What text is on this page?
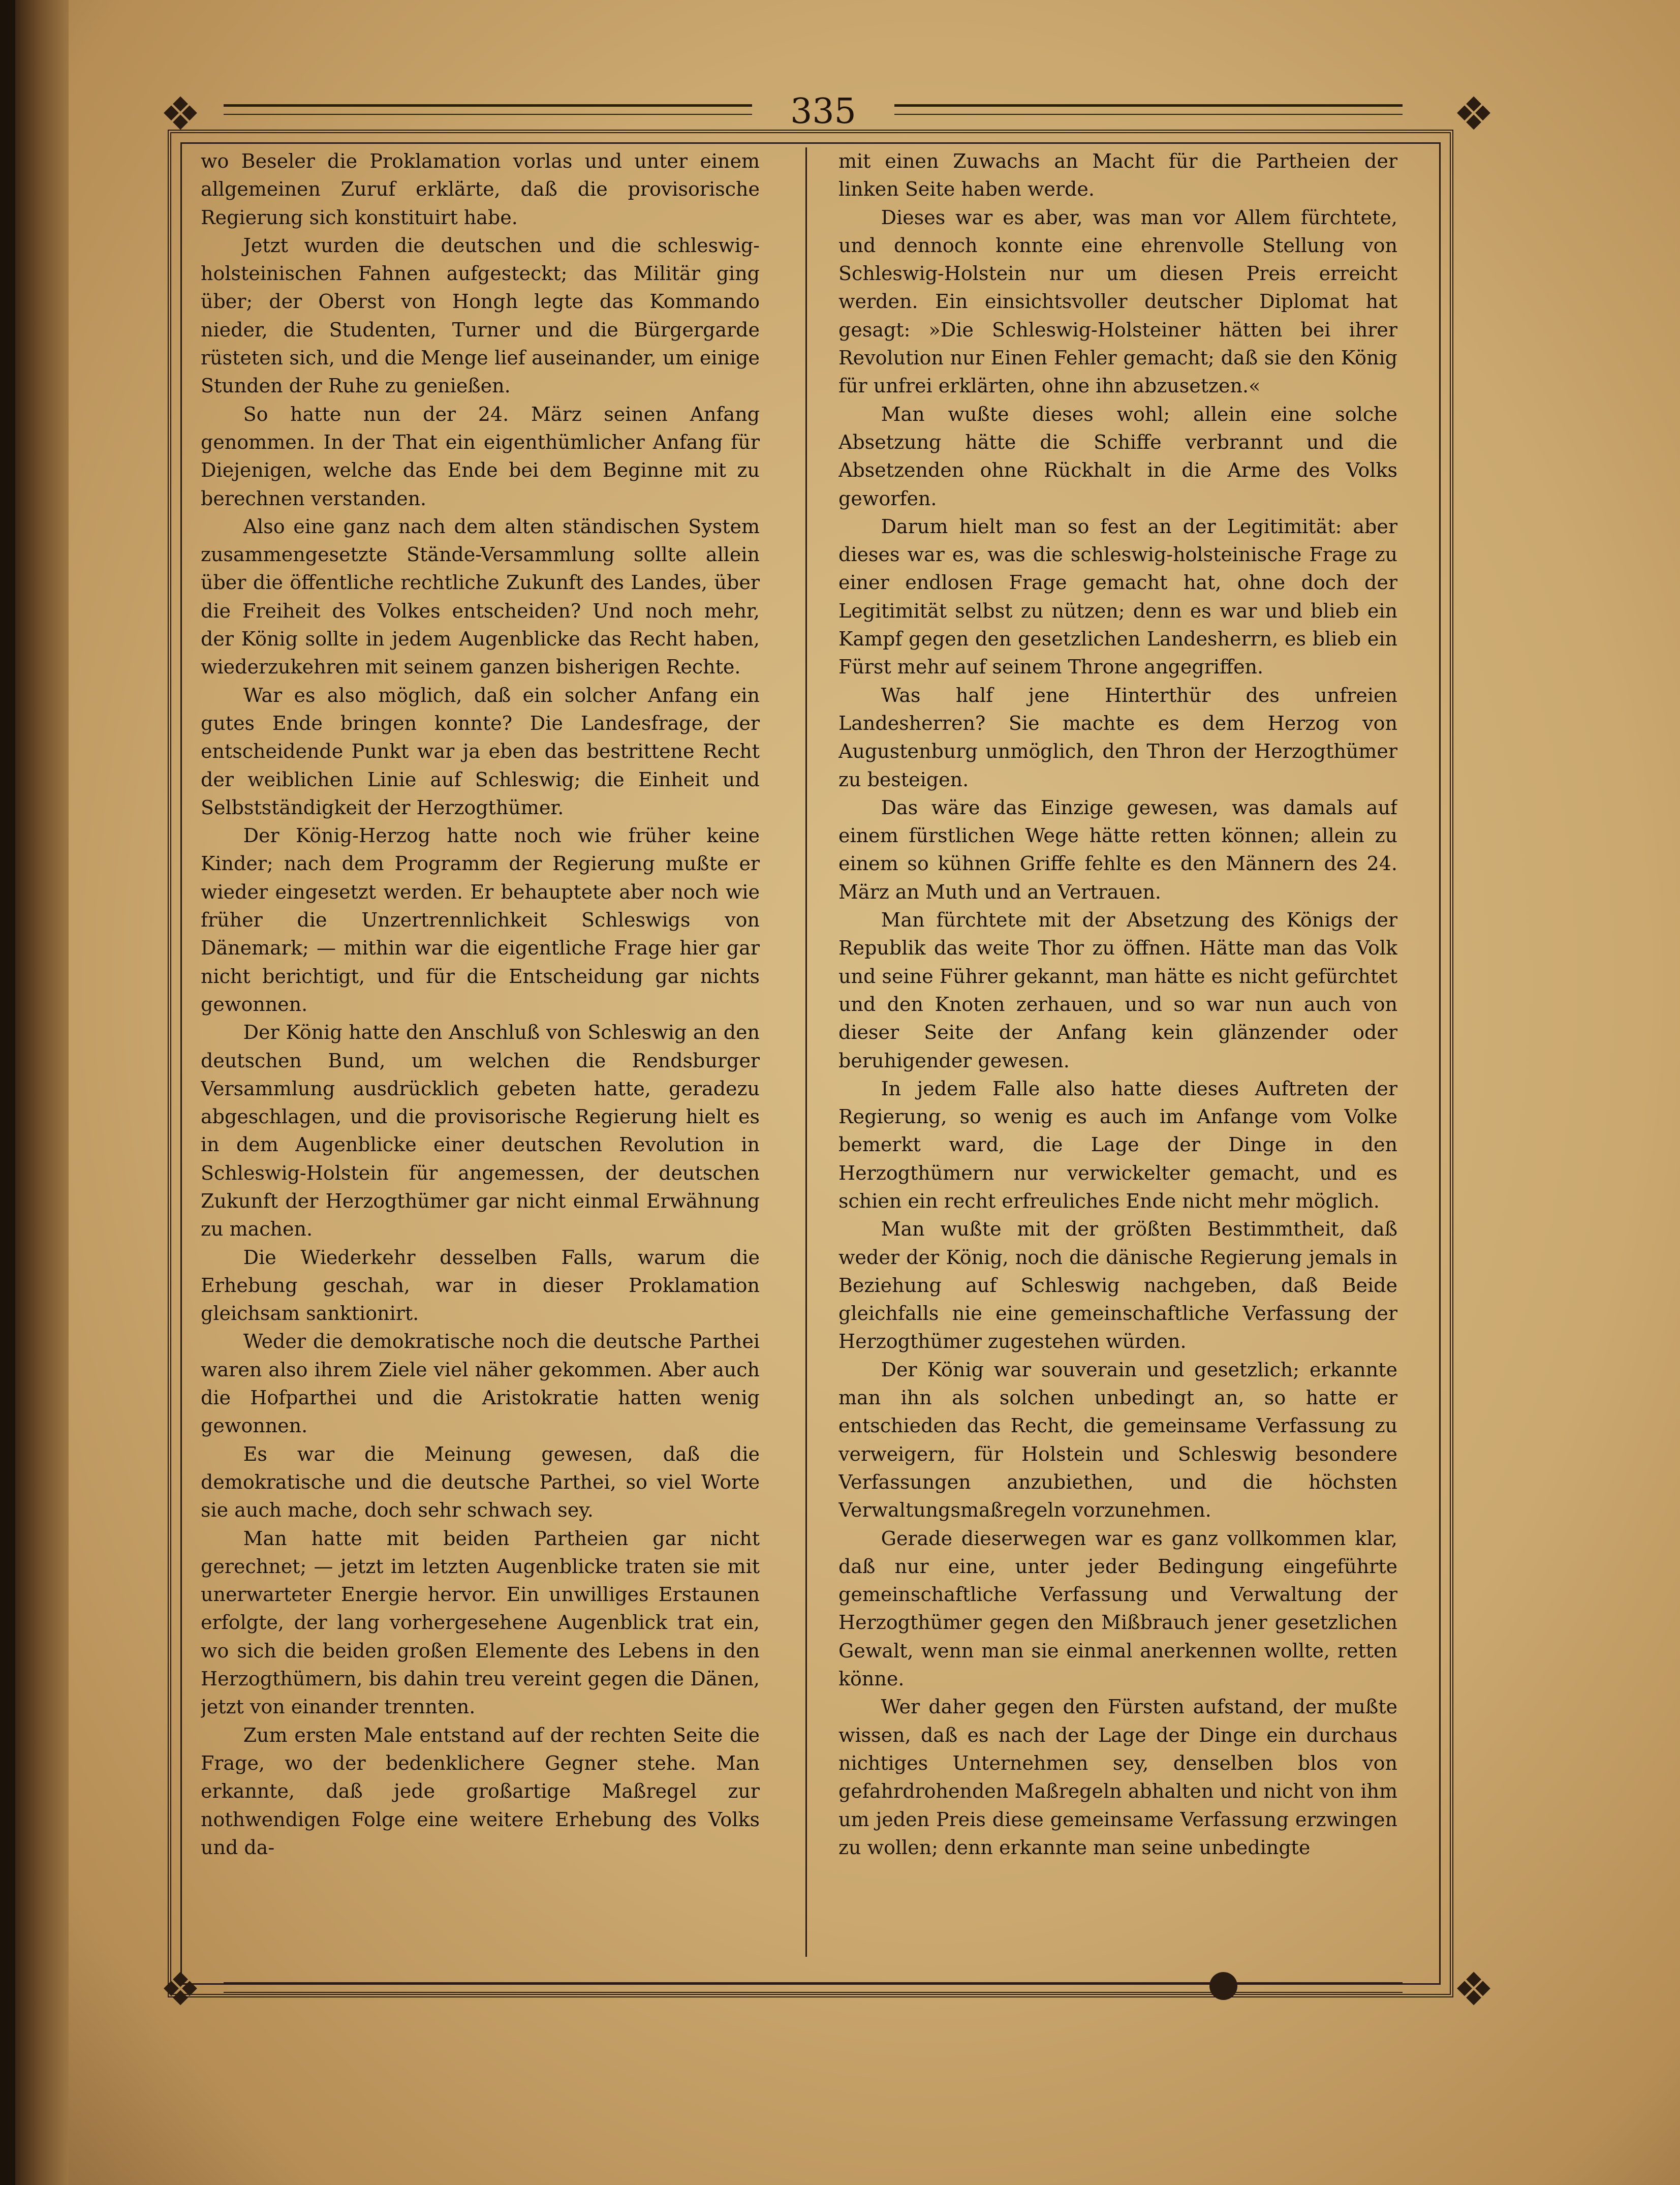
❖	❖
❖	❖
335

wo Beseler die Proklamation vorlas und unter einem allgemeinen Zuruf erklärte, daß die provisorische Regierung sich konstituirt habe.

Jetzt wurden die deutschen und die schleswig-holsteinischen Fahnen aufgesteckt; das Militär ging über; der Oberst von Hongh legte das Kommando nieder, die Studenten, Turner und die Bürgergarde rüsteten sich, und die Menge lief auseinander, um einige Stunden der Ruhe zu genießen.

So hatte nun der 24. März seinen Anfang genommen. In der That ein eigenthümlicher Anfang für Diejenigen, welche das Ende bei dem Beginne mit zu berechnen verstanden.

Also eine ganz nach dem alten ständischen System zusammengesetzte Stände-Versammlung sollte allein über die öffentliche rechtliche Zukunft des Landes, über die Freiheit des Volkes entscheiden? Und noch mehr, der König sollte in jedem Augenblicke das Recht haben, wiederzukehren mit seinem ganzen bisherigen Rechte.

War es also möglich, daß ein solcher Anfang ein gutes Ende bringen konnte? Die Landesfrage, der entscheidende Punkt war ja eben das bestrittene Recht der weiblichen Linie auf Schleswig; die Einheit und Selbstständigkeit der Herzogthümer.

Der König-Herzog hatte noch wie früher keine Kinder; nach dem Programm der Regierung mußte er wieder eingesetzt werden. Er behauptete aber noch wie früher die Unzertrennlichkeit Schleswigs von Dänemark; — mithin war die eigentliche Frage hier gar nicht berichtigt, und für die Entscheidung gar nichts gewonnen.

Der König hatte den Anschluß von Schleswig an den deutschen Bund, um welchen die Rendsburger Versammlung ausdrücklich gebeten hatte, geradezu abgeschlagen, und die provisorische Regierung hielt es in dem Augenblicke einer deutschen Revolution in Schleswig-Holstein für angemessen, der deutschen Zukunft der Herzogthümer gar nicht einmal Erwähnung zu machen.

Die Wiederkehr desselben Falls, warum die Erhebung geschah, war in dieser Proklamation gleichsam sanktionirt.

Weder die demokratische noch die deutsche Parthei waren also ihrem Ziele viel näher gekommen. Aber auch die Hofparthei und die Aristokratie hatten wenig gewonnen.

Es war die Meinung gewesen, daß die demokratische und die deutsche Parthei, so viel Worte sie auch mache, doch sehr schwach sey.

Man hatte mit beiden Partheien gar nicht gerechnet; — jetzt im letzten Augenblicke traten sie mit unerwarteter Energie hervor. Ein unwilliges Erstaunen erfolgte, der lang vorhergesehene Augenblick trat ein, wo sich die beiden großen Elemente des Lebens in den Herzogthümern, bis dahin treu vereint gegen die Dänen, jetzt von einander trennten.

Zum ersten Male entstand auf der rechten Seite die Frage, wo der bedenklichere Gegner stehe. Man erkannte, daß jede großartige Maßregel zur nothwendigen Folge eine weitere Erhebung des Volks und da-

mit einen Zuwachs an Macht für die Partheien der linken Seite haben werde.

Dieses war es aber, was man vor Allem fürchtete, und dennoch konnte eine ehrenvolle Stellung von Schleswig-Holstein nur um diesen Preis erreicht werden. Ein einsichtsvoller deutscher Diplomat hat gesagt: »Die Schleswig-Holsteiner hätten bei ihrer Revolution nur Einen Fehler gemacht; daß sie den König für unfrei erklärten, ohne ihn abzusetzen.«

Man wußte dieses wohl; allein eine solche Absetzung hätte die Schiffe verbrannt und die Absetzenden ohne Rückhalt in die Arme des Volks geworfen.

Darum hielt man so fest an der Legitimität: aber dieses war es, was die schleswig-holsteinische Frage zu einer endlosen Frage gemacht hat, ohne doch der Legitimität selbst zu nützen; denn es war und blieb ein Kampf gegen den gesetzlichen Landesherrn, es blieb ein Fürst mehr auf seinem Throne angegriffen.

Was half jene Hinterthür des unfreien Landesherren? Sie machte es dem Herzog von Augustenburg unmöglich, den Thron der Herzogthümer zu besteigen.

Das wäre das Einzige gewesen, was damals auf einem fürstlichen Wege hätte retten können; allein zu einem so kühnen Griffe fehlte es den Männern des 24. März an Muth und an Vertrauen.

Man fürchtete mit der Absetzung des Königs der Republik das weite Thor zu öffnen. Hätte man das Volk und seine Führer gekannt, man hätte es nicht gefürchtet und den Knoten zerhauen, und so war nun auch von dieser Seite der Anfang kein glänzender oder beruhigender gewesen.

In jedem Falle also hatte dieses Auftreten der Regierung, so wenig es auch im Anfange vom Volke bemerkt ward, die Lage der Dinge in den Herzogthümern nur verwickelter gemacht, und es schien ein recht erfreuliches Ende nicht mehr möglich.

Man wußte mit der größten Bestimmtheit, daß weder der König, noch die dänische Regierung jemals in Beziehung auf Schleswig nachgeben, daß Beide gleichfalls nie eine gemeinschaftliche Verfassung der Herzogthümer zugestehen würden.

Der König war souverain und gesetzlich; erkannte man ihn als solchen unbedingt an, so hatte er entschieden das Recht, die gemeinsame Verfassung zu verweigern, für Holstein und Schleswig besondere Verfassungen anzubiethen, und die höchsten Verwaltungsmaßregeln vorzunehmen.

Gerade dieserwegen war es ganz vollkommen klar, daß nur eine, unter jeder Bedingung eingeführte gemeinschaftliche Verfassung und Verwaltung der Herzogthümer gegen den Mißbrauch jener gesetzlichen Gewalt, wenn man sie einmal anerkennen wollte, retten könne.

Wer daher gegen den Fürsten aufstand, der mußte wissen, daß es nach der Lage der Dinge ein durchaus nichtiges Unternehmen sey, denselben blos von gefahrdrohenden Maßregeln abhalten und nicht von ihm um jeden Preis diese gemeinsame Verfassung erzwingen zu wollen; denn erkannte man seine unbedingte
